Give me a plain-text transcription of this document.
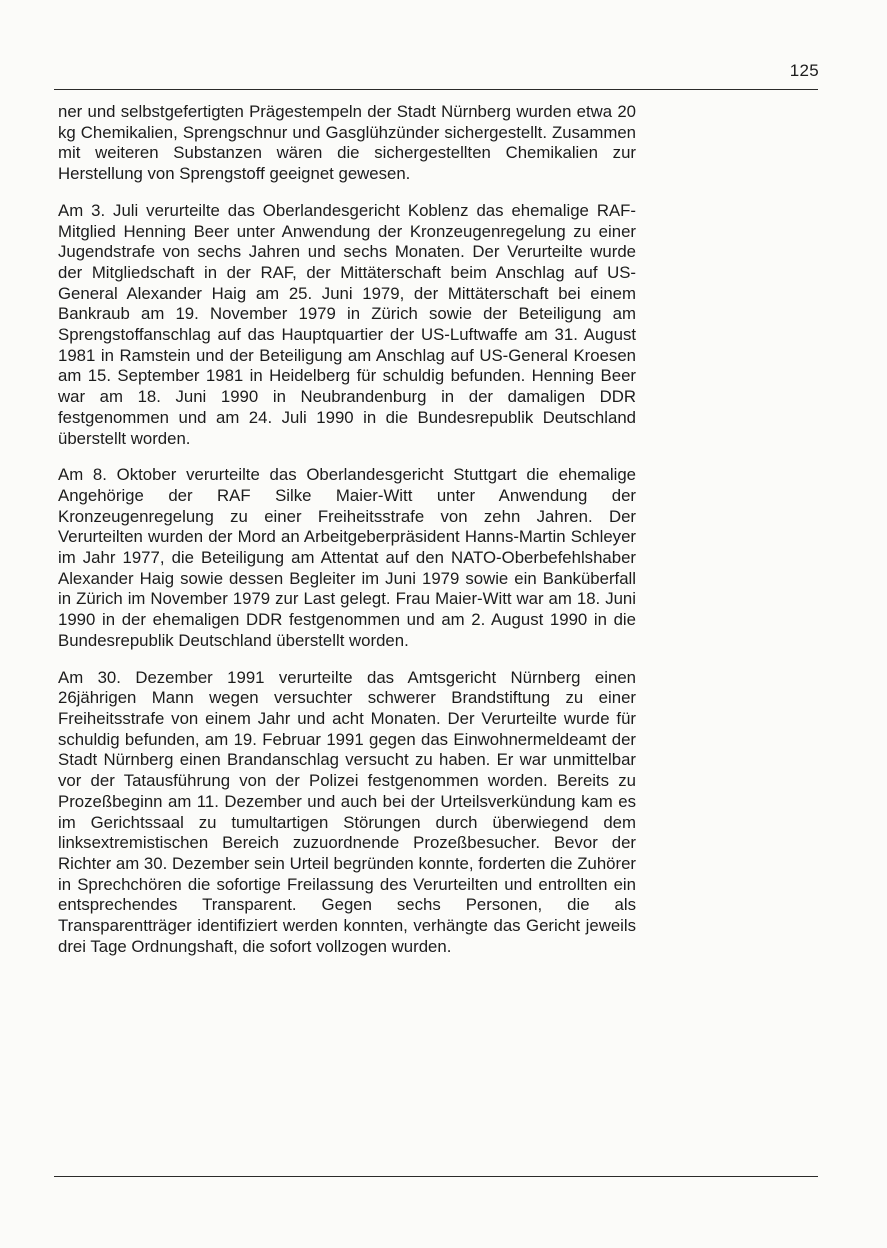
125

ner und selbstgefertigten Prägestempeln der Stadt Nürnberg wurden etwa 20 kg Chemikalien, Sprengschnur und Gasglühzünder sichergestellt. Zusammen mit weiteren Substanzen wären die sichergestellten Chemikalien zur Herstellung von Sprengstoff geeignet gewesen.

Am 3. Juli verurteilte das Oberlandesgericht Koblenz das ehemalige RAF-Mitglied Henning Beer unter Anwendung der Kronzeugenregelung zu einer Jugendstrafe von sechs Jahren und sechs Monaten. Der Verurteilte wurde der Mitgliedschaft in der RAF, der Mittäterschaft beim Anschlag auf US-General Alexander Haig am 25. Juni 1979, der Mittäterschaft bei einem Bankraub am 19. November 1979 in Zürich sowie der Beteiligung am Sprengstoffanschlag auf das Hauptquartier der US-Luftwaffe am 31. August 1981 in Ramstein und der Beteiligung am Anschlag auf US-General Kroesen am 15. September 1981 in Heidelberg für schuldig befunden. Henning Beer war am 18. Juni 1990 in Neubrandenburg in der damaligen DDR festgenommen und am 24. Juli 1990 in die Bundesrepublik Deutschland überstellt worden.

Am 8. Oktober verurteilte das Oberlandesgericht Stuttgart die ehemalige Angehörige der RAF Silke Maier-Witt unter Anwendung der Kronzeugenregelung zu einer Freiheitsstrafe von zehn Jahren. Der Verurteilten wurden der Mord an Arbeitgeberpräsident Hanns-Martin Schleyer im Jahr 1977, die Beteiligung am Attentat auf den NATO-Oberbefehlshaber Alexander Haig sowie dessen Begleiter im Juni 1979 sowie ein Banküberfall in Zürich im November 1979 zur Last gelegt. Frau Maier-Witt war am 18. Juni 1990 in der ehemaligen DDR festgenommen und am 2. August 1990 in die Bundesrepublik Deutschland überstellt worden.

Am 30. Dezember 1991 verurteilte das Amtsgericht Nürnberg einen 26jährigen Mann wegen versuchter schwerer Brandstiftung zu einer Freiheitsstrafe von einem Jahr und acht Monaten. Der Verurteilte wurde für schuldig befunden, am 19. Februar 1991 gegen das Einwohnermeldeamt der Stadt Nürnberg einen Brandanschlag versucht zu haben. Er war unmittelbar vor der Tatausführung von der Polizei festgenommen worden. Bereits zu Prozeßbeginn am 11. Dezember und auch bei der Urteilsverkündung kam es im Gerichtssaal zu tumultartigen Störungen durch überwiegend dem linksextremistischen Bereich zuzuordnende Prozeßbesucher. Bevor der Richter am 30. Dezember sein Urteil begründen konnte, forderten die Zuhörer in Sprechchören die sofortige Freilassung des Verurteilten und entrollten ein entsprechendes Transparent. Gegen sechs Personen, die als Transparentträger identifiziert werden konnten, verhängte das Gericht jeweils drei Tage Ordnungshaft, die sofort vollzogen wurden.
